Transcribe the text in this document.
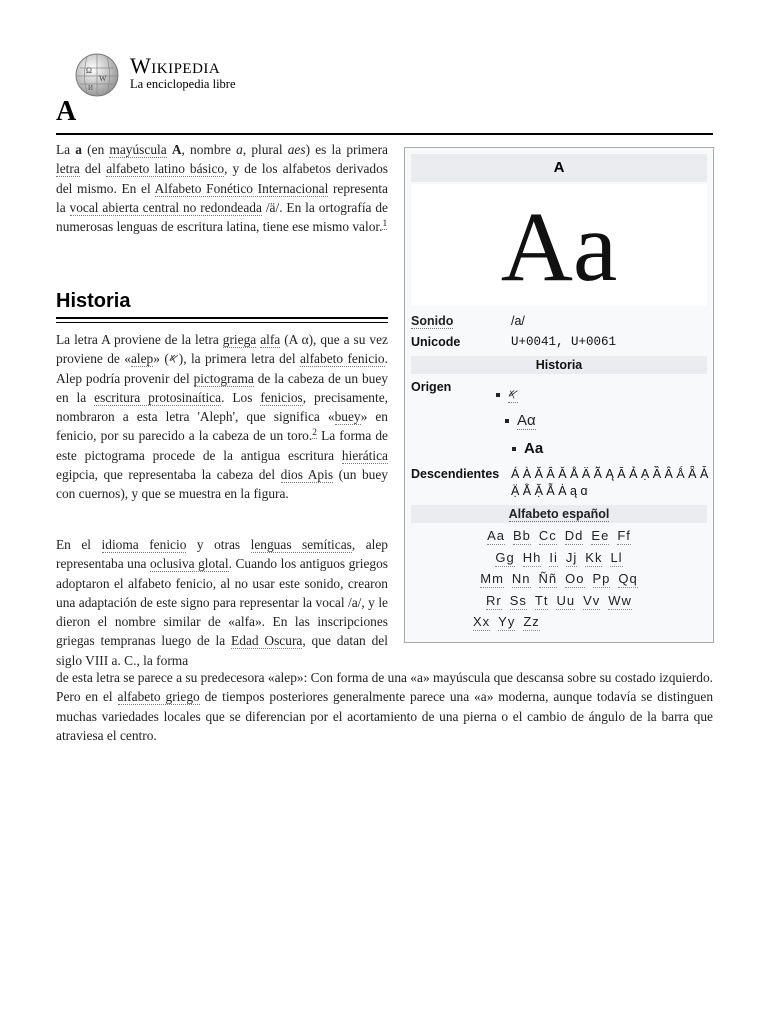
Ω
W
И
Wikipedia
La enciclopedia libre
A

La a (en mayúscula A, nombre a, plural aes) es la primera letra del alfabeto latino básico, y de los alfabetos derivados del mismo. En el Alfabeto Fonético Internacional representa la vocal abierta central no redondeada /ä/. En la ortografía de numerosas lenguas de escritura latina, tiene ese mismo valor.$^1$

Historia

La letra A proviene de la letra griega alfa (Α α), que a su vez proviene de «alep» (𐤀), la primera letra del alfabeto fenicio. Alep podría provenir del pictograma de la cabeza de un buey en la escritura protosinaítica. Los fenicios, precisamente, nombraron a esta letra 'Aleph', que significa «buey» en fenicio, por su parecido a la cabeza de un toro.$^2$ La forma de este pictograma procede de la antigua escritura hierática egipcia, que representaba la cabeza del dios Apis (un buey con cuernos), y que se muestra en la figura.

En el idioma fenicio y otras lenguas semíticas, alep representaba una oclusiva glotal. Cuando los antiguos griegos adoptaron el alfabeto fenicio, al no usar este sonido, crearon una adaptación de este signo para representar la vocal /a/, y le dieron el nombre similar de «alfa». En las inscripciones griegas tempranas luego de la Edad Oscura, que datan del siglo VIII a. C., la forma

de esta letra se parece a su predecesora «alep»: Con forma de una «a» mayúscula que descansa sobre su costado izquierdo. Pero en el alfabeto griego de tiempos posteriores generalmente parece una «a» moderna, aunque todavía se distinguen muchas variedades locales que se diferencian por el acortamiento de una pierna o el cambio de ángulo de la barra que atraviesa el centro.

A
Aa
Sonido	/a/
Unicode	U+0041, U+0061
Historia
Origen	𐤀
Αα
Aa
Descendientes Á À Ă Â Ǎ Å Ä Ã Ą Ā Ả Ạ Ȁ Ȃ Ǻ Ǟ Ǡ Ạ̈ Ẳ Ặ Ẫ Ȧ ą ɑ
Alfabeto español
Aa Bb Cc Dd Ee Ff
Gg Hh Ii Jj Kk Ll
Mm Nn Ññ Oo Pp Qq
Rr Ss Tt Uu Vv Ww
Xx Yy Zz
